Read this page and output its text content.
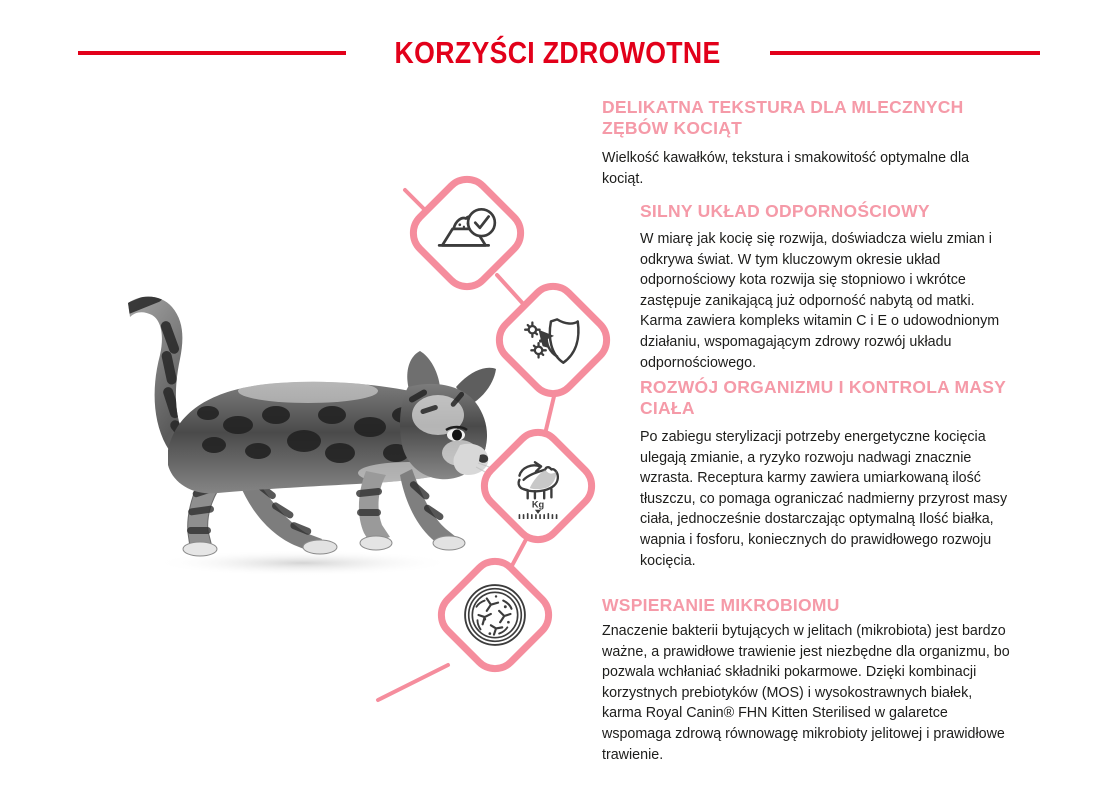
KORZYŚCI ZDROWOTNE
Kg
DELIKATNA TEKSTURA DLA MLECZNYCH ZĘBÓW KOCIĄT

Wielkość kawałków, tekstura i smakowitość optymalne dla kociąt.

SILNY UKŁAD ODPORNOŚCIOWY

W miarę jak kocię się rozwija, doświadcza wielu zmian i odkrywa świat. W tym kluczowym okresie układ odpornościowy kota rozwija się stopniowo i wkrótce zastępuje zanikającą już odporność nabytą od matki. Karma zawiera kompleks witamin C i E o udowodnionym działaniu, wspomagającym zdrowy rozwój układu odpornościowego.

ROZWÓJ ORGANIZMU I KONTROLA MASY CIAŁA

Po zabiegu sterylizacji potrzeby energetyczne kocięcia ulegają zmianie, a ryzyko rozwoju nadwagi znacznie wzrasta. Receptura karmy zawiera umiarkowaną ilość tłuszczu, co pomaga ograniczać nadmierny przyrost masy ciała, jednocześnie dostarczając optymalną Ilość białka, wapnia i fosforu, koniecznych do prawidłowego rozwoju kocięcia.

WSPIERANIE MIKROBIOMU

Znaczenie bakterii bytujących w jelitach (mikrobiota) jest bardzo ważne, a prawidłowe trawienie jest niezbędne dla organizmu, bo pozwala wchłaniać składniki pokarmowe. Dzięki kombinacji korzystnych prebiotyków (MOS) i wysokostrawnych białek, karma Royal Canin® FHN Kitten Sterilised w galaretce wspomaga zdrową równowagę mikrobioty jelitowej i prawidłowe trawienie.
